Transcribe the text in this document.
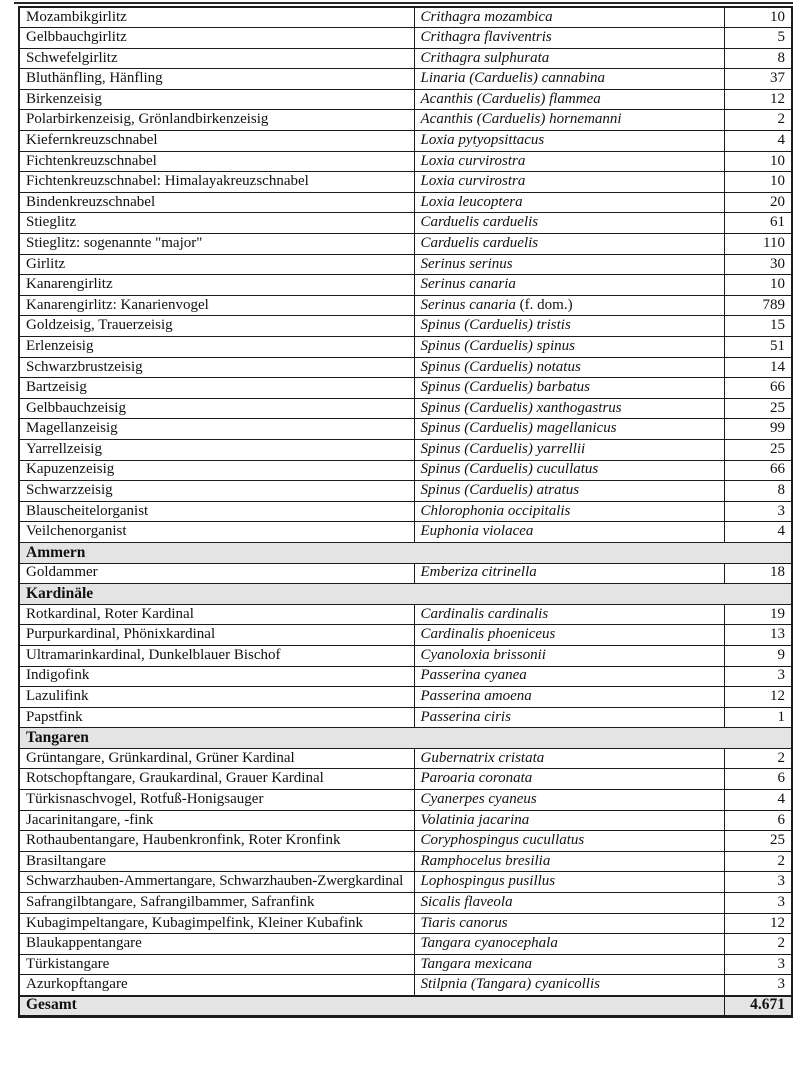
Mozambikgirlitz	Crithagra mozambica	10
Gelbbauchgirlitz	Crithagra flaviventris	5
Schwefelgirlitz	Crithagra sulphurata	8
Bluthänfling, Hänfling	Linaria (Carduelis) cannabina	37
Birkenzeisig	Acanthis (Carduelis) flammea	12
Polarbirkenzeisig, Grönlandbirkenzeisig	Acanthis (Carduelis) hornemanni	2
Kiefernkreuzschnabel	Loxia pytyopsittacus	4
Fichtenkreuzschnabel	Loxia curvirostra	10
Fichtenkreuzschnabel: Himalayakreuzschnabel	Loxia curvirostra	10
Bindenkreuzschnabel	Loxia leucoptera	20
Stieglitz	Carduelis carduelis	61
Stieglitz: sogenannte "major"	Carduelis carduelis	110
Girlitz	Serinus serinus	30
Kanarengirlitz	Serinus canaria	10
Kanarengirlitz: Kanarienvogel	Serinus canaria (f. dom.)	789
Goldzeisig, Trauerzeisig	Spinus (Carduelis) tristis	15
Erlenzeisig	Spinus (Carduelis) spinus	51
Schwarzbrustzeisig	Spinus (Carduelis) notatus	14
Bartzeisig	Spinus (Carduelis) barbatus	66
Gelbbauchzeisig	Spinus (Carduelis) xanthogastrus	25
Magellanzeisig	Spinus (Carduelis) magellanicus	99
Yarrellzeisig	Spinus (Carduelis) yarrellii	25
Kapuzenzeisig	Spinus (Carduelis) cucullatus	66
Schwarzzeisig	Spinus (Carduelis) atratus	8
Blauscheitelorganist	Chlorophonia occipitalis	3
Veilchenorganist	Euphonia violacea	4
Ammern		
Goldammer	Emberiza citrinella	18
Kardinäle		
Rotkardinal, Roter Kardinal	Cardinalis cardinalis	19
Purpurkardinal, Phönixkardinal	Cardinalis phoeniceus	13
Ultramarinkardinal, Dunkelblauer Bischof	Cyanoloxia brissonii	9
Indigofink	Passerina cyanea	3
Lazulifink	Passerina amoena	12
Papstfink	Passerina ciris	1
Tangaren		
Grüntangare, Grünkardinal, Grüner Kardinal	Gubernatrix cristata	2
Rotschopftangare, Graukardinal, Grauer Kardinal	Paroaria coronata	6
Türkisnaschvogel, Rotfuß-Honigsauger	Cyanerpes cyaneus	4
Jacarinitangare, -fink	Volatinia jacarina	6
Rothaubentangare, Haubenkronfink, Roter Kronfink	Coryphospingus cucullatus	25
Brasiltangare	Ramphocelus bresilia	2
Schwarzhauben-Ammertangare, Schwarzhauben-Zwergkardinal	Lophospingus pusillus	3
Safrangilbtangare, Safrangilbammer, Safranfink	Sicalis flaveola	3
Kubagimpeltangare, Kubagimpelfink, Kleiner Kubafink	Tiaris canorus	12
Blaukappentangare	Tangara cyanocephala	2
Türkistangare	Tangara mexicana	3
Azurkopftangare	Stilpnia (Tangara) cyanicollis	3
Gesamt		4.671
